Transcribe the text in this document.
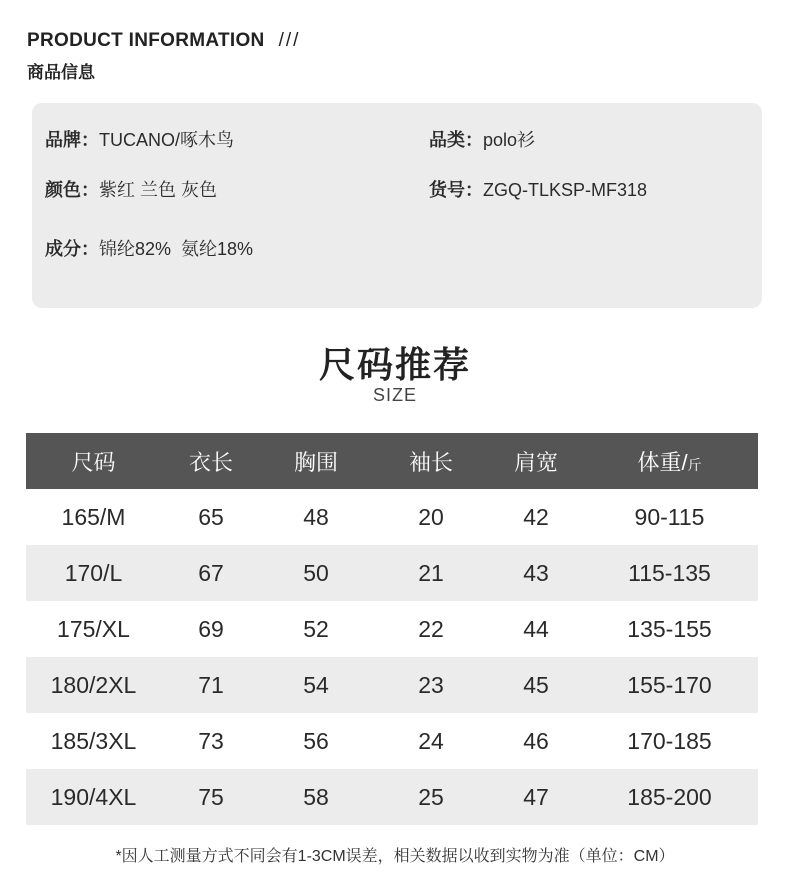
PRODUCT INFORMATION ///
商品信息
品牌：TUCANO/啄木鸟	品类：polo衫
颜色：紫红 兰色 灰色	货号：ZGQ-TLKSP-MF318
成分：锦纶82%  氨纶18%
尺码推荐
SIZE
尺码	衣长	胸围	袖长	肩宽	体重/斤
165/M	65	48	20	42	90-115
170/L	67	50	21	43	115-135
175/XL	69	52	22	44	135-155
180/2XL	71	54	23	45	155-170
185/3XL	73	56	24	46	170-185
190/4XL	75	58	25	47	185-200
*因人工测量方式不同会有1-3CM误差，相关数据以收到实物为准（单位：CM）
